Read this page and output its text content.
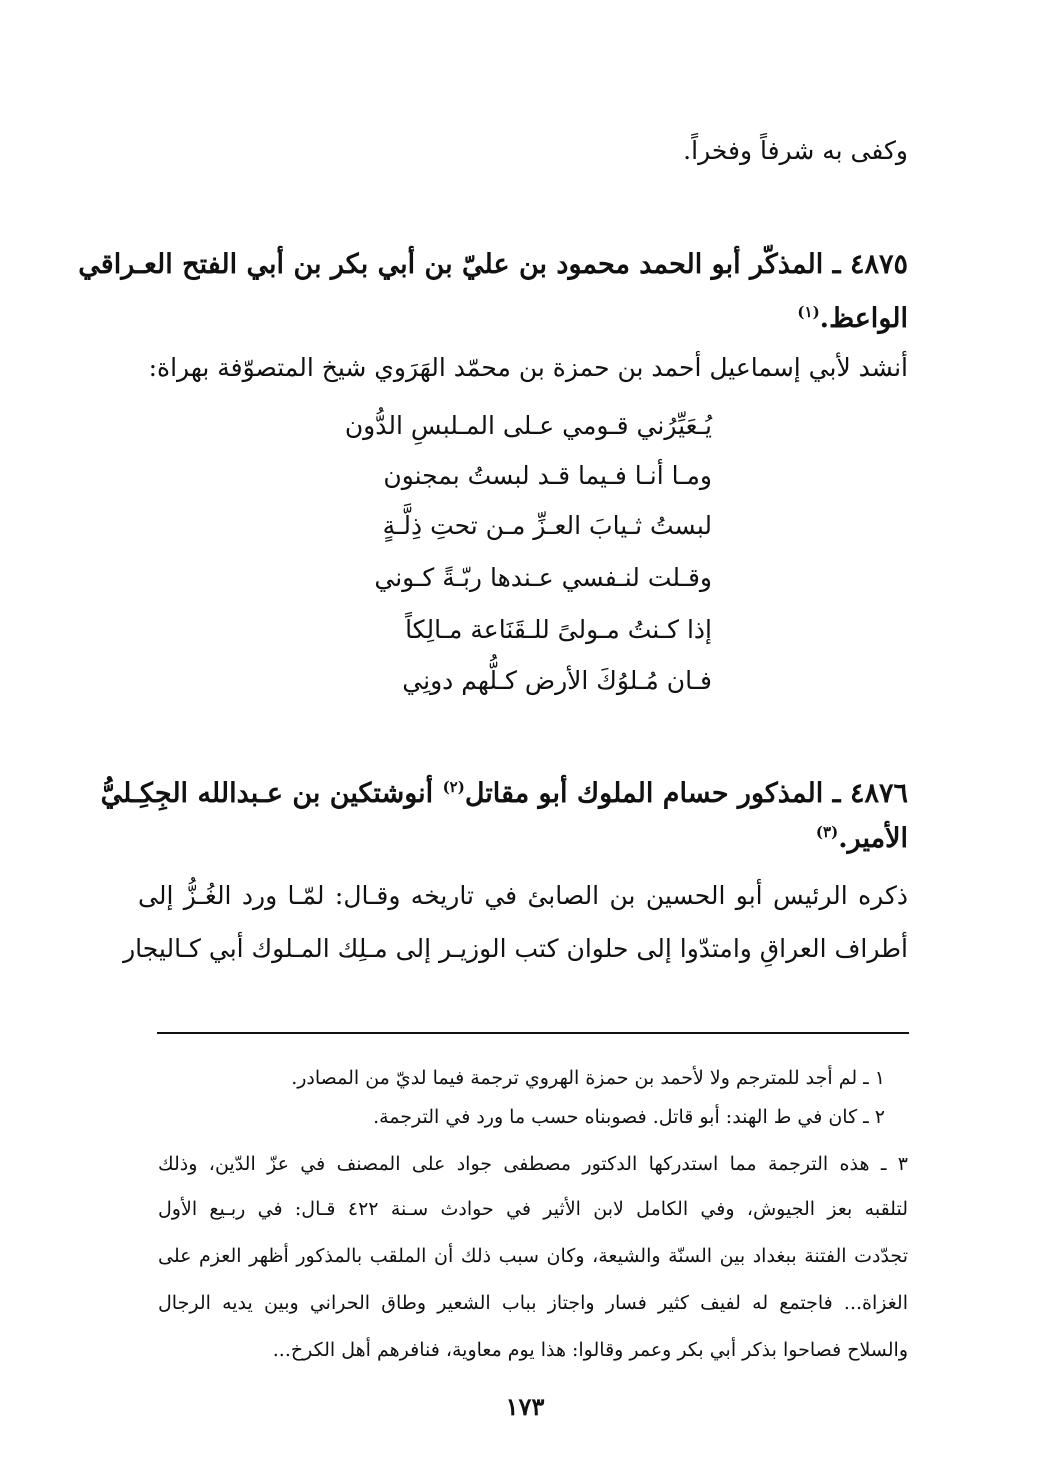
وكفى به شرفاً وفخراً.
٤٨٧٥ ـ المذكّر أبو الحمد محمود بن عليّ بن أبي بكر بن أبي الفتح العـراقي
الواعظ.$^{(١)}$
أنشد لأبي إسماعيل أحمد بن حمزة بن محمّد الهَرَوي شيخ المتصوّفة بهراة:
يُـعَيِّرُني قـومي عـلى المـلبسِ الدُّون
ومـا أنـا فـيما قـد لبستُ بمجنون
لبستُ ثـيابَ العـزِّ مـن تحتِ ذِلَّـةٍ
وقـلت لنـفسي عـندها ربّـةً كـوني
إذا كـنتُ مـولىً للـقَنَاعة مـالِكاً
فـان مُـلوُكَ الأرض كـلُّهم دونِي
٤٨٧٦ ـ المذكور حسام الملوك أبو مقاتل$^{(٢)}$ أنوشتكين بن عـبدالله الجِكِـليُّ
الأمير.$^{(٣)}$
ذكره الرئيس أبو الحسين بن الصابئ في تاريخه وقـال: لمّـا ورد الغُـزُّ إلى
أطراف العراقِ وامتدّوا إلى حلوان كتب الوزيـر إلى مـلِك المـلوك أبي كـاليجار
١ ـ لم أجد للمترجم ولا لأحمد بن حمزة الهروي ترجمة فيما لديّ من المصادر.
٢ ـ كان في ط الهند: أبو قاتل. فصوبناه حسب ما ورد في الترجمة.
٣ ـ هذه الترجمة مما استدركها الدكتور مصطفى جواد على المصنف في عزّ الدّين، وذلك
لتلقبه بعز الجيوش، وفي الكامل لابن الأثير في حوادث سـنة ٤٢٢ قـال: في ربـيع الأول
تجدّدت الفتنة ببغداد بين السنّة والشيعة، وكان سبب ذلك أن الملقب بالمذكور أظهر العزم على
الغزاة... فاجتمع له لفيف كثير فسار واجتاز بباب الشعير وطاق الحراني وبين يديه الرجال
والسلاح فصاحوا بذكر أبي بكر وعمر وقالوا: هذا يوم معاوية، فنافرهم أهل الكرخ...
١٧٣
